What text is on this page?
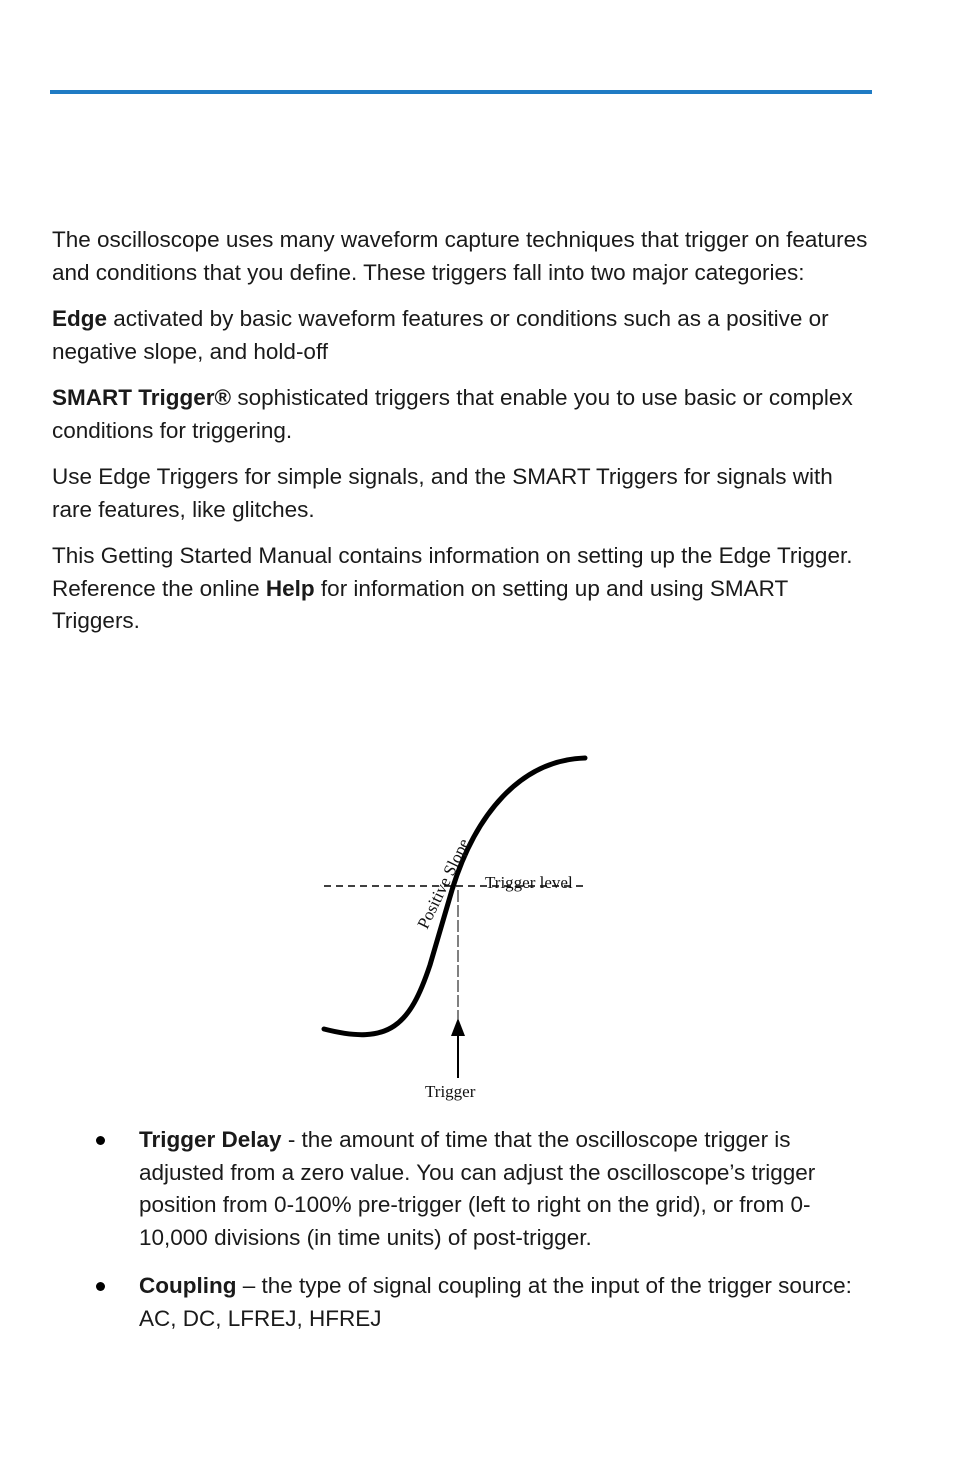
The oscilloscope uses many waveform capture techniques that trigger on features and conditions that you define. These triggers fall into two major categories:

Edge activated by basic waveform features or conditions such as a positive or negative slope, and hold-off

SMART Trigger® sophisticated triggers that enable you to use basic or complex conditions for triggering.

Use Edge Triggers for simple signals, and the SMART Triggers for signals with rare features, like glitches.

This Getting Started Manual contains information on setting up the Edge Trigger. Reference the online Help for information on setting up and using SMART Triggers.

Positive Slope Trigger level
Trigger
Trigger Delay - the amount of time that the oscilloscope trigger is adjusted from a zero value. You can adjust the oscilloscope’s trigger position from 0-100% pre-trigger (left to right on the grid), or from 0-10,000 divisions (in time units) of post-trigger.
Coupling – the type of signal coupling at the input of the trigger source: AC, DC, LFREJ, HFREJ
